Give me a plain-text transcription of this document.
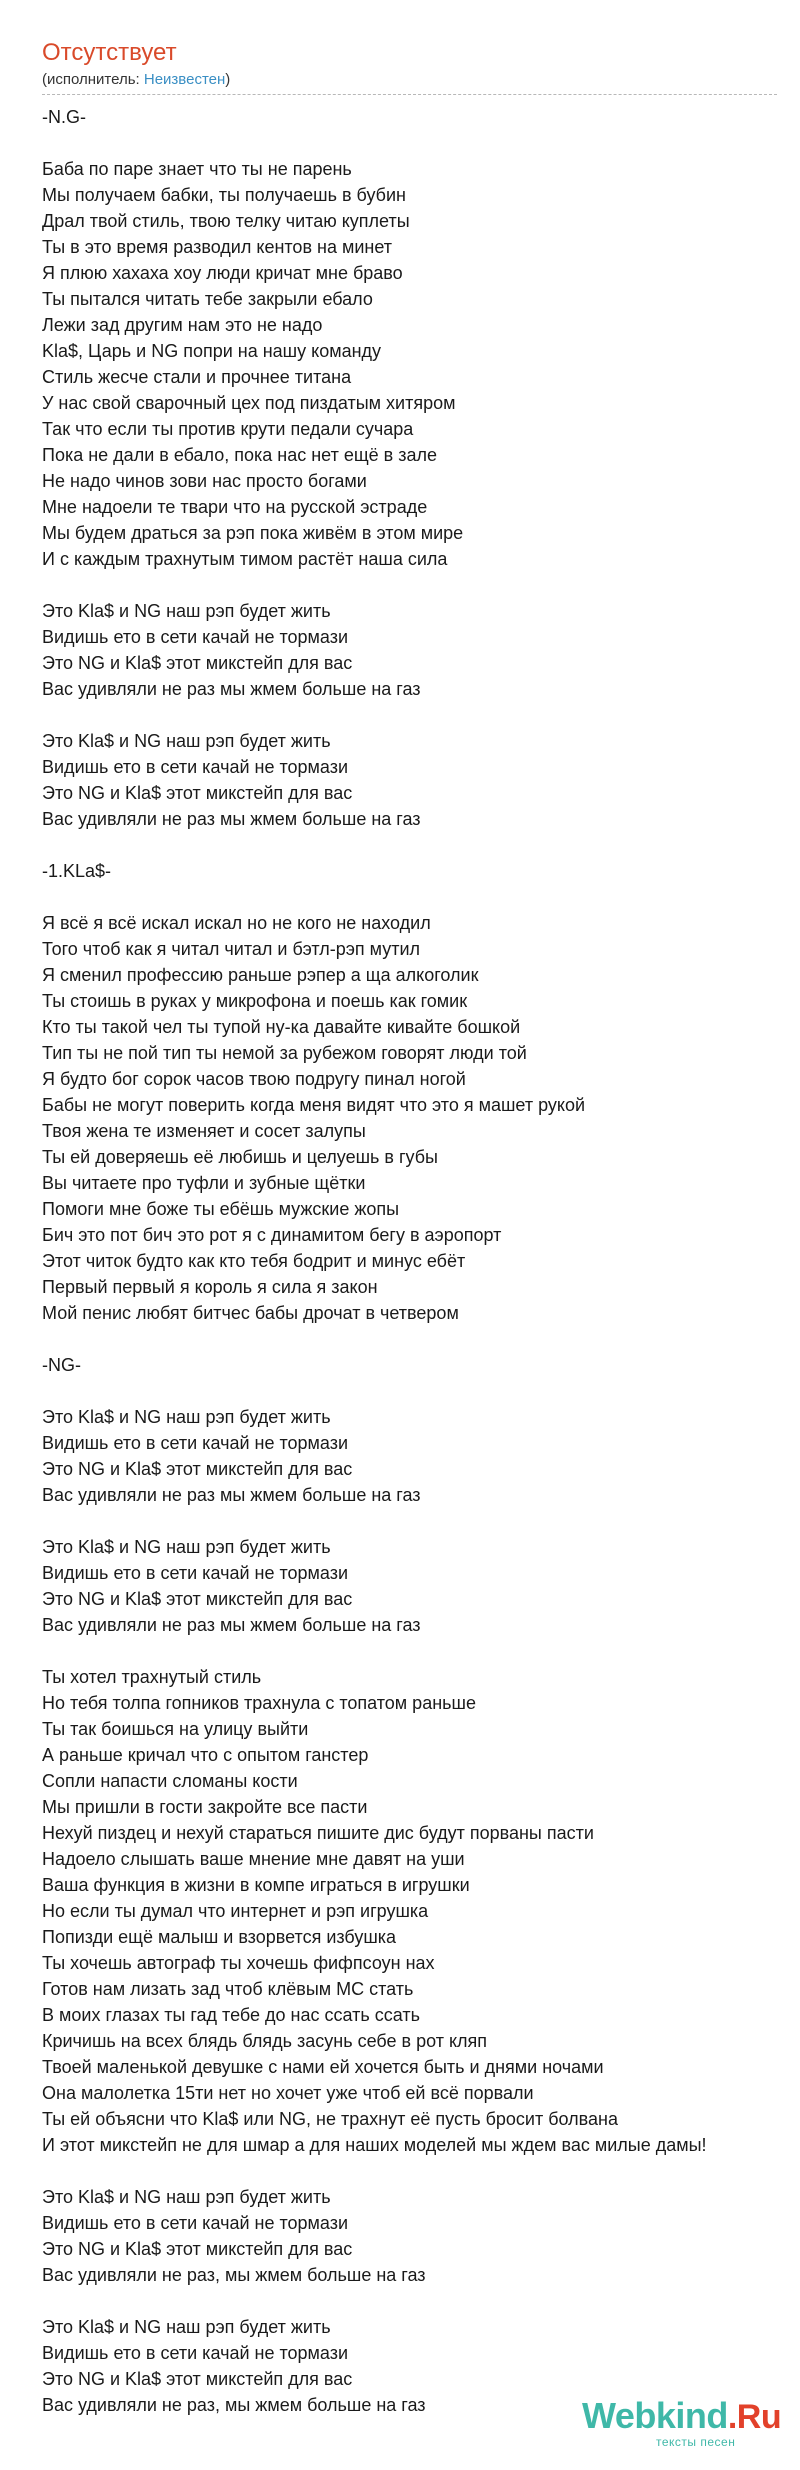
Отсутствует
(исполнитель: Неизвестен)
-N.G-

Баба по паре знает что ты не парень
Мы получаем бабки, ты получаешь в бубин
Драл твой стиль, твою телку читаю куплеты
Ты в это время разводил кентов на минет
Я плюю хахаха хоу люди кричат мне браво
Ты пытался читать тебе закрыли ебало
Лежи зад другим нам это не надо
Kla$, Царь и NG попри на нашу команду
Стиль жесче стали и прочнее титана
У нас свой сварочный цех под пиздатым хитяром
Так что если ты против крути педали сучара
Пока не дали в ебало, пока нас нет ещё в зале
Не надо чинов зови нас просто богами
Мне надоели те твари что на русской эстраде
Мы будем драться за рэп пока живём в этом мире
И с каждым трахнутым тимом растёт наша сила

Это Kla$ и NG наш рэп будет жить
Видишь ето в сети качай не тормази
Это NG и Kla$ этот микстейп для вас
Вас удивляли не раз мы жмем больше на газ

Это Kla$ и NG наш рэп будет жить
Видишь ето в сети качай не тормази
Это NG и Kla$ этот микстейп для вас
Вас удивляли не раз мы жмем больше на газ

-1.KLa$-

Я всё я всё искал искал но не кого не находил
Того чтоб как я читал читал и бэтл-рэп мутил
Я сменил профессию раньше рэпер а ща алкоголик
Ты стоишь в руках у микрофона и поешь как гомик
Кто ты такой чел ты тупой ну-ка давайте кивайте бошкой
Тип ты не пой тип ты немой за рубежом говорят люди той
Я будто бог сорок часов твою подругу пинал ногой
Бабы не могут поверить когда меня видят что это я машет рукой
Твоя жена те изменяет и сосет залупы
Ты ей доверяешь её любишь и целуешь в губы
Вы читаете про туфли и зубные щётки
Помоги мне боже ты ебёшь мужские жопы
Бич это пот бич это рот я с динамитом бегу в аэропорт
Этот читок будто как кто тебя бодрит и минус ебёт
Первый первый я король я сила я закон
Мой пенис любят битчес бабы дрочат в четвером

-NG-

Это Kla$ и NG наш рэп будет жить
Видишь ето в сети качай не тормази
Это NG и Kla$ этот микстейп для вас
Вас удивляли не раз мы жмем больше на газ

Это Kla$ и NG наш рэп будет жить
Видишь ето в сети качай не тормази
Это NG и Kla$ этот микстейп для вас
Вас удивляли не раз мы жмем больше на газ

Ты хотел трахнутый стиль
Но тебя толпа гопников трахнула с топатом раньше
Ты так боишься на улицу выйти
А раньше кричал что с опытом ганстер
Сопли напасти сломаны кости
Мы пришли в гости закройте все пасти
Нехуй пиздец и нехуй стараться пишите дис будут порваны пасти
Надоело слышать ваше мнение мне давят на уши
Ваша функция в жизни в компе играться в игрушки
Но если ты думал что интернет и рэп игрушка
Попизди ещё малыш и взорвется избушка
Ты хочешь автограф ты хочешь фифпсоун нах
Готов нам лизать зад чтоб клёвым МС стать
В моих глазах ты гад тебе до нас ссать ссать
Кричишь на всех блядь блядь засунь себе в рот кляп
Твоей маленькой девушке с нами ей хочется быть и днями ночами
Она малолетка 15ти нет но хочет уже чтоб ей всё порвали
Ты ей объясни что Kla$ или NG, не трахнут её пусть бросит болвана
И этот микстейп не для шмар а для наших моделей мы ждем вас милые дамы!

Это Kla$ и NG наш рэп будет жить
Видишь ето в сети качай не тормази
Это NG и Kla$ этот микстейп для вас
Вас удивляли не раз, мы жмем больше на газ

Это Kla$ и NG наш рэп будет жить
Видишь ето в сети качай не тормази
Это NG и Kla$ этот микстейп для вас
Вас удивляли не раз, мы жмем больше на газ	Webkind.Ru
тексты песен
